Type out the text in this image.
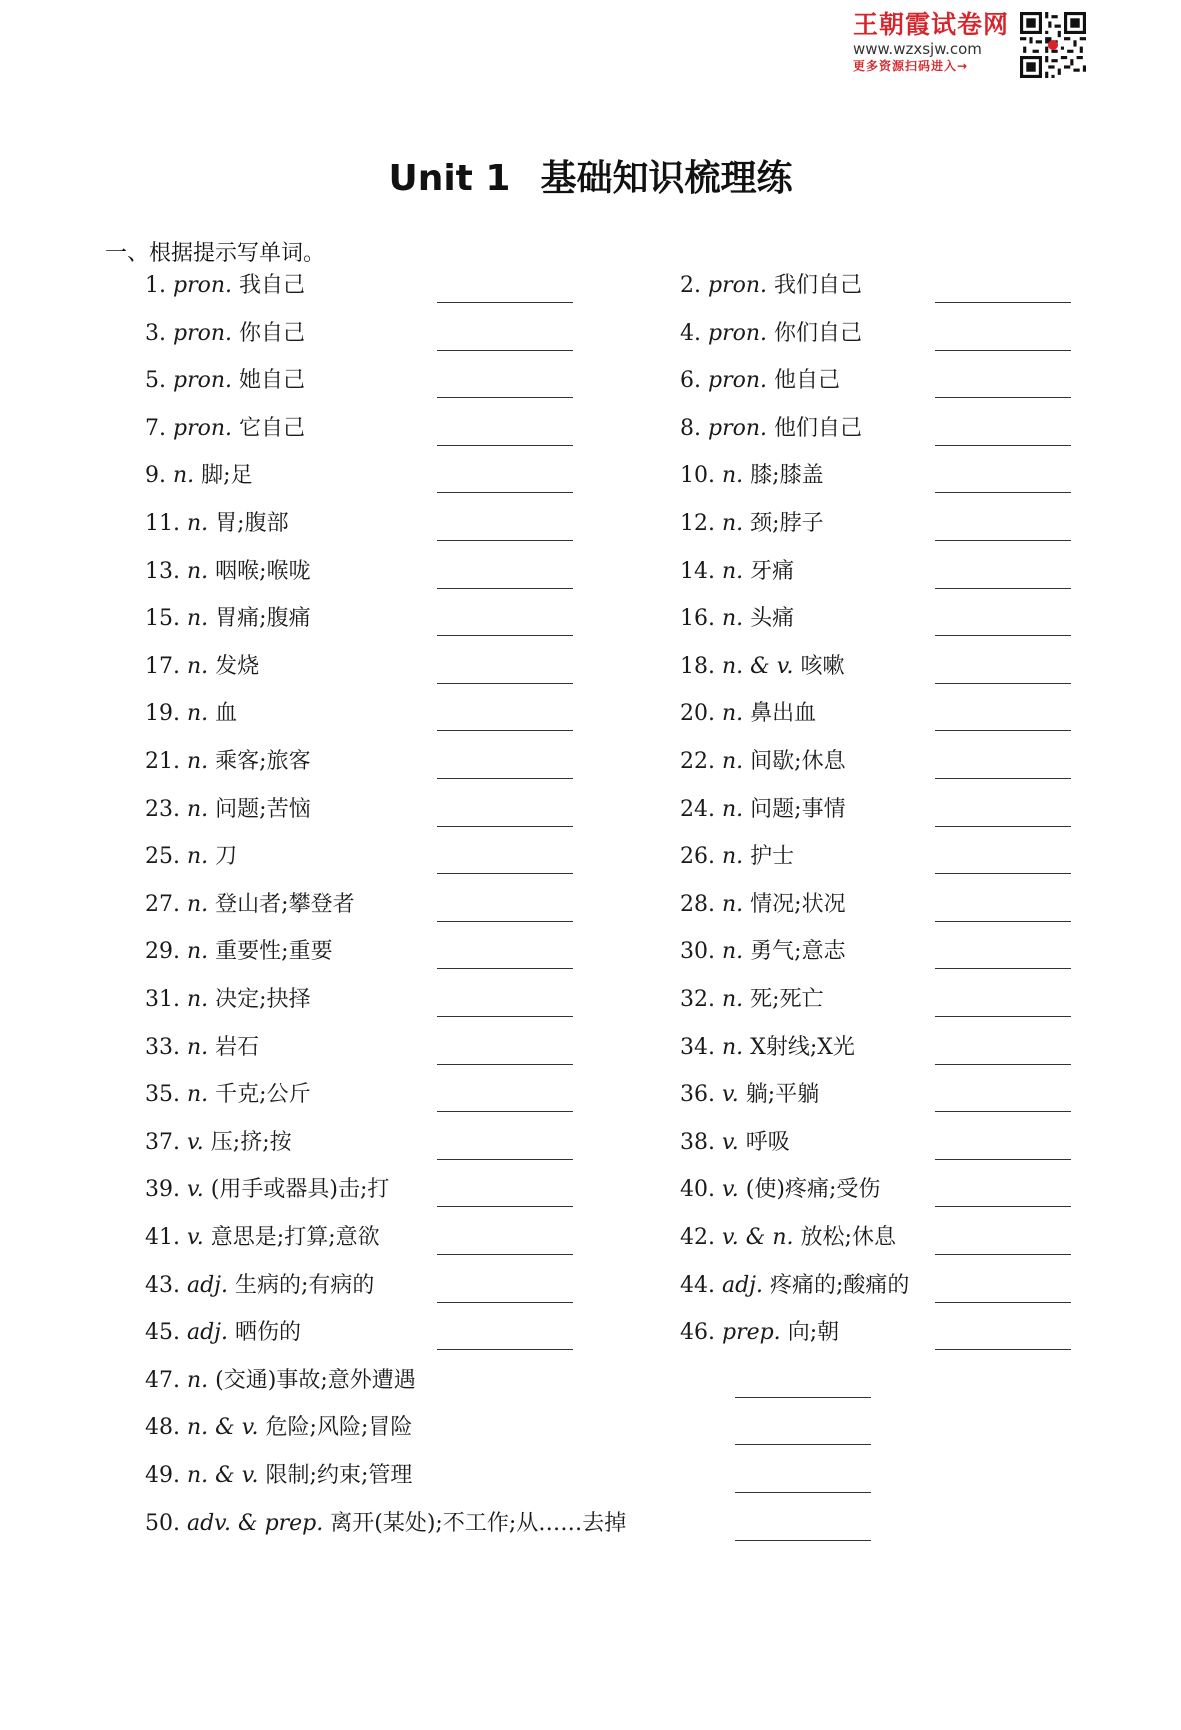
王朝霞试卷网
www.wzxsjw.com
更多资源扫码进入→
Unit 1 基础知识梳理练
一、根据提示写单词。
1. pron. 我自己	2. pron. 我们自己
3. pron. 你自己	4. pron. 你们自己
5. pron. 她自己	6. pron. 他自己
7. pron. 它自己	8. pron. 他们自己
9. n. 脚;足	10. n. 膝;膝盖
11. n. 胃;腹部	12. n. 颈;脖子
13. n. 咽喉;喉咙	14. n. 牙痛
15. n. 胃痛;腹痛	16. n. 头痛
17. n. 发烧	18. n. & v. 咳嗽
19. n. 血	20. n. 鼻出血
21. n. 乘客;旅客	22. n. 间歇;休息
23. n. 问题;苦恼	24. n. 问题;事情
25. n. 刀	26. n. 护士
27. n. 登山者;攀登者	28. n. 情况;状况
29. n. 重要性;重要	30. n. 勇气;意志
31. n. 决定;抉择	32. n. 死;死亡
33. n. 岩石	34. n. X射线;X光
35. n. 千克;公斤	36. v. 躺;平躺
37. v. 压;挤;按	38. v. 呼吸
39. v. (用手或器具)击;打	40. v. (使)疼痛;受伤
41. v. 意思是;打算;意欲	42. v. & n. 放松;休息
43. adj. 生病的;有病的	44. adj. 疼痛的;酸痛的
45. adj. 晒伤的	46. prep. 向;朝
47. n. (交通)事故;意外遭遇
48. n. & v. 危险;风险;冒险
49. n. & v. 限制;约束;管理
50. adv. & prep. 离开(某处);不工作;从……去掉
